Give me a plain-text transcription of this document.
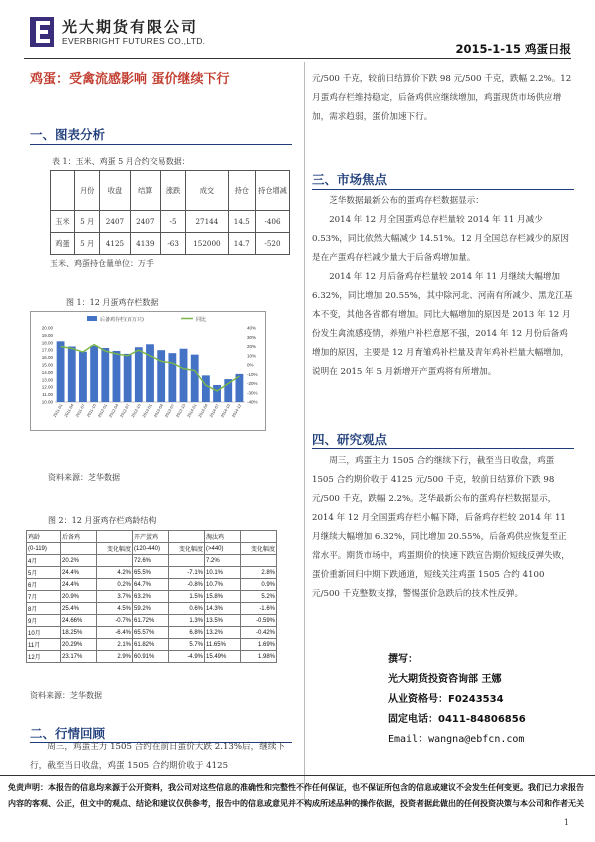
光大期货有限公司
EVERBRIGHT FUTURES CO.,LTD.
2015-1-15 鸡蛋日报
鸡蛋：受禽流感影响 蛋价继续下行
一、图表分析
表 1：玉米、鸡蛋 5 月合约交易数据：
	月份	收盘	结算	涨跌	成交	持仓	持仓增减
玉米	5 月	2407	2407	-5	27144	14.5	-406
鸡蛋	5 月	4125	4139	-63	152000	14.7	-520
玉米、鸡蛋持仓量单位：万手
图 1：12 月蛋鸡存栏数据
后备鸡存栏(百万只)	同比
20.00
19.00
18.00
17.00
16.00
15.00
14.00
13.00
12.00
11.00
10.00
40%
30%
20%
10%
0%
-10%
-20%
-30%
-40%
2011-01 2011-04 2011-07 2011-10 2012-01 2012-04 2012-07 2012-10 2013-01 2013-04 2013-07 2013-10 2014-01 2014-04 2014-07 2014-10 2014-12
资料来源：芝华数据
图 2：12 月蛋鸡存栏鸡龄结构
鸡龄	后备鸡		开产蛋鸡		淘汰鸡	
(0-119)		变化幅度	(120-440)	变化幅度	(>440)	变化幅度
4月	20.2%		72.6%		7.2%	
5月	24.4%	4.2%	65.5%	-7.1%	10.1%	2.8%
6月	24.4%	0.2%	64.7%	-0.8%	10.7%	0.9%
7月	20.9%	3.7%	63.2%	1.5%	15.8%	5.2%
8月	25.4%	4.5%	59.2%	0.6%	14.3%	-1.6%
9月	24.66%	-0.7%	61.72%	1.3%	13.5%	-0.59%
10月	18.25%	-6.4%	65.57%	6.8%	13.2%	-0.42%
11月	20.29%	2.1%	61.82%	5.7%	11.65%	1.69%
12月	23.17%	2.9%	60.91%	-4.9%	15.49%	1.98%
资料来源：芝华数据
二、行情回顾
周三，鸡蛋主力 1505 合约在前日蛋价大跌 2.13%后，继续下行，截至当日收盘，鸡蛋 1505 合约期价收于 4125
元/500 千克，较前日结算价下跌 98 元/500 千克，跌幅 2.2%。12 月蛋鸡存栏维持稳定，后备鸡供应继续增加，鸡蛋现货市场供应增加，需求趋弱，蛋价加速下行。
三、市场焦点
芝华数据最新公布的蛋鸡存栏数据显示：
2014 年 12 月全国蛋鸡总存栏量较 2014 年 11 月减少 0.53%，同比依然大幅减少 14.51%。12 月全国总存栏减少的原因是在产蛋鸡存栏减少量大于后备鸡增加量。
2014 年 12 月后备鸡存栏量较 2014 年 11 月继续大幅增加 6.32%，同比增加 20.55%，其中除河北、河南有所减少、黑龙江基本不变，其他各省都有增加。同比大幅增加的原因是 2013 年 12 月份发生禽流感疫情，养殖户补栏意愿不强，2014 年 12 月份后备鸡增加的原因，主要是 12 月育雏鸡补栏量及青年鸡补栏量大幅增加，说明在 2015 年 5 月新增开产蛋鸡将有所增加。
四、研究观点
周三，鸡蛋主力 1505 合约继续下行，截至当日收盘，鸡蛋 1505 合约期价收于 4125 元/500 千克，较前日结算价下跌 98 元/500 千克，跌幅 2.2%。芝华最新公布的蛋鸡存栏数据显示，2014 年 12 月全国蛋鸡存栏小幅下降，后备鸡存栏较 2014 年 11 月继续大幅增加 6.32%，同比增加 20.55%，后备鸡供应恢复至正常水平。期货市场中，鸡蛋期价的快速下跌宣告期价短线反弹失败，蛋价重新回归中期下跌通道，短线关注鸡蛋 1505 合约 4100 元/500 千克整数支撑，警惕蛋价急跌后的技术性反弹。
撰写：
光大期货投资咨询部 王娜
从业资格号：F0243534
固定电话：0411-84806856
Email：wangna@ebfcn.com
免责声明：本报告的信息均来源于公开资料，我公司对这些信息的准确性和完整性不作任何保证，也不保证所包含的信息或建议不会发生任何变更。我们已力求报告内容的客观、公正，但文中的观点、结论和建议仅供参考，报告中的信息或意见并不构成所述品种的操作依据，投资者据此做出的任何投资决策与本公司和作者无关
1
